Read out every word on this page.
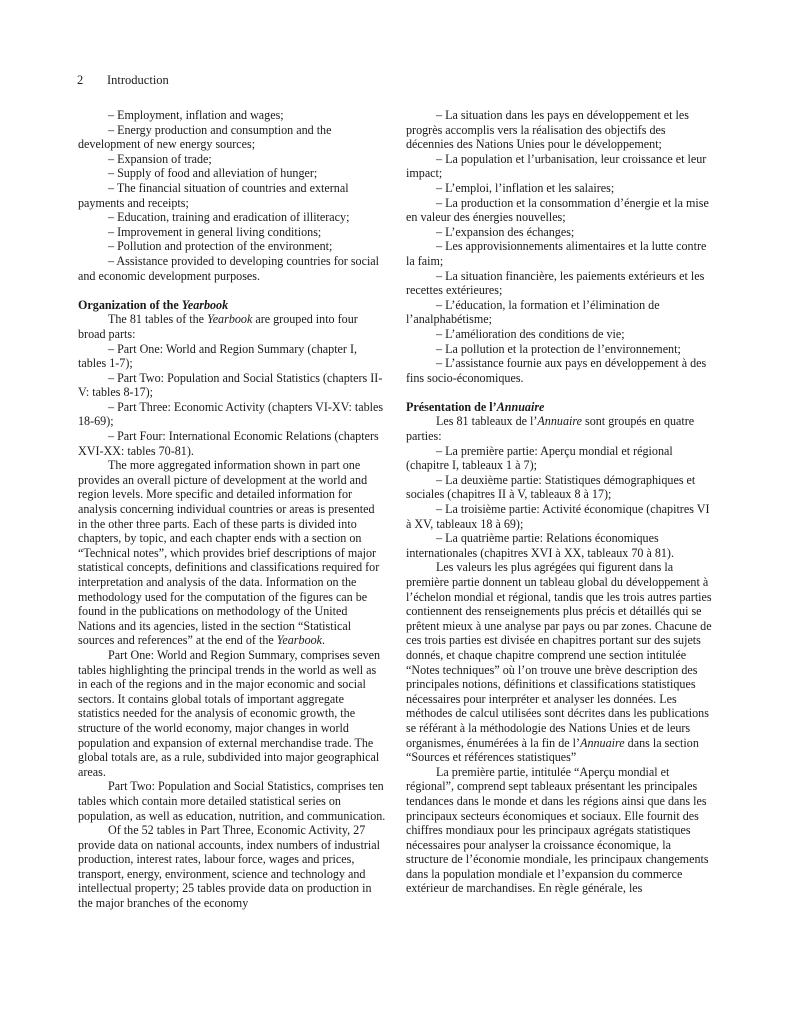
2 Introduction

– Employment, inflation and wages;

– Energy production and consumption and the development of new energy sources;

– Expansion of trade;

– Supply of food and alleviation of hunger;

– The financial situation of countries and external payments and receipts;

– Education, training and eradication of illiteracy;

– Improvement in general living conditions;

– Pollution and protection of the environment;

– Assistance provided to developing countries for social and economic development purposes.

Organization of the Yearbook

The 81 tables of the Yearbook are grouped into four broad parts:

– Part One: World and Region Summary (chapter I, tables 1-7);

– Part Two: Population and Social Statistics (chapters II-V: tables 8-17);

– Part Three: Economic Activity (chapters VI-XV: tables 18-69);

– Part Four: International Economic Relations (chapters XVI-XX: tables 70-81).

The more aggregated information shown in part one provides an overall picture of development at the world and region levels. More specific and detailed information for analysis concerning individual countries or areas is presented in the other three parts. Each of these parts is divided into chapters, by topic, and each chapter ends with a section on “Technical notes”, which provides brief descriptions of major statistical concepts, definitions and classifications required for interpretation and analysis of the data. Information on the methodology used for the computation of the figures can be found in the publications on methodology of the United Nations and its agencies, listed in the section “Statistical sources and references” at the end of the Yearbook.

Part One: World and Region Summary, comprises seven tables highlighting the principal trends in the world as well as in each of the regions and in the major economic and social sectors. It contains global totals of important aggregate statistics needed for the analysis of economic growth, the structure of the world economy, major changes in world population and expansion of external merchandise trade. The global totals are, as a rule, subdivided into major geographical areas.

Part Two: Population and Social Statistics, comprises ten tables which contain more detailed statistical series on population, as well as education, nutrition, and communication.

Of the 52 tables in Part Three, Economic Activity, 27 provide data on national accounts, index numbers of industrial production, interest rates, labour force, wages and prices, transport, energy, environment, science and technology and intellectual property; 25 tables provide data on production in the major branches of the economy

– La situation dans les pays en développement et les progrès accomplis vers la réalisation des objectifs des décennies des Nations Unies pour le développement;

– La population et l’urbanisation, leur croissance et leur impact;

– L’emploi, l’inflation et les salaires;

– La production et la consommation d’énergie et la mise en valeur des énergies nouvelles;

– L’expansion des échanges;

– Les approvisionnements alimentaires et la lutte contre la faim;

– La situation financière, les paiements extérieurs et les recettes extérieures;

– L’éducation, la formation et l’élimination de l’analphabétisme;

– L’amélioration des conditions de vie;

– La pollution et la protection de l’environnement;

– L’assistance fournie aux pays en développement à des fins socio-économiques.

Présentation de l’Annuaire

Les 81 tableaux de l’Annuaire sont groupés en quatre parties:

– La première partie: Aperçu mondial et régional (chapitre I, tableaux 1 à 7);

– La deuxième partie: Statistiques démographiques et sociales (chapitres II à V, tableaux 8 à 17);

– La troisième partie: Activité économique (chapitres VI à XV, tableaux 18 à 69);

– La quatrième partie: Relations économiques internationales (chapitres XVI à XX, tableaux 70 à 81).

Les valeurs les plus agrégées qui figurent dans la première partie donnent un tableau global du développement à l’échelon mondial et régional, tandis que les trois autres parties contiennent des renseignements plus précis et détaillés qui se prêtent mieux à une analyse par pays ou par zones. Chacune de ces trois parties est divisée en chapitres portant sur des sujets donnés, et chaque chapitre comprend une section intitulée “Notes techniques” où l’on trouve une brève description des principales notions, définitions et classifications statistiques nécessaires pour interpréter et analyser les données. Les méthodes de calcul utilisées sont décrites dans les publications se référant à la méthodologie des Nations Unies et de leurs organismes, énumérées à la fin de l’Annuaire dans la section “Sources et références statistiques”

La première partie, intitulée “Aperçu mondial et régional”, comprend sept tableaux présentant les principales tendances dans le monde et dans les régions ainsi que dans les principaux secteurs économiques et sociaux. Elle fournit des chiffres mondiaux pour les principaux agrégats statistiques nécessaires pour analyser la croissance économique, la structure de l’économie mondiale, les principaux changements dans la population mondiale et l’expansion du commerce extérieur de marchandises. En règle générale, les
